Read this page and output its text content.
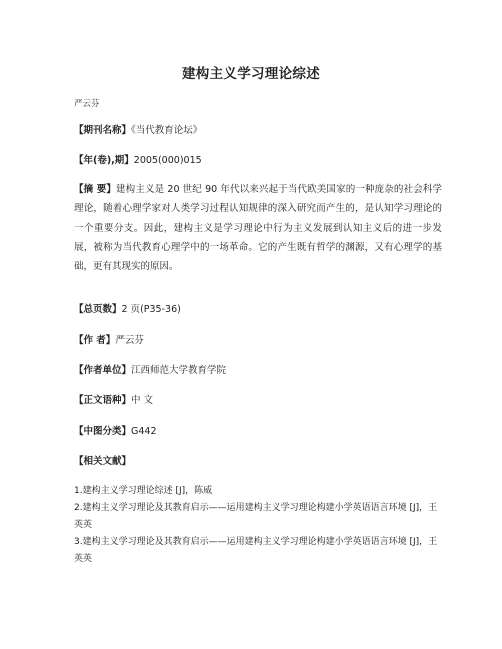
建构主义学习理论综述
严云芬
【期刊名称】《当代教育论坛》
【年(卷),期】2005(000)015
【摘 要】建构主义是 20 世纪 90 年代以来兴起于当代欧美国家的一种庞杂的社会科学理论，随着心理学家对人类学习过程认知规律的深入研究而产生的，是认知学习理论的一个重要分支。因此，建构主义是学习理论中行为主义发展到认知主义后的进一步发展，被称为当代教育心理学中的一场革命。它的产生既有哲学的渊源，又有心理学的基础，更有其现实的原因。
【总页数】2 页(P35-36)
【作 者】严云芬
【作者单位】江西师范大学教育学院
【正文语种】中 文
【中图分类】G442
【相关文献】

1.建构主义学习理论综述 [J]，陈威

2.建构主义学习理论及其教育启示——运用建构主义学习理论构建小学英语语言环境 [J]，王英英

3.建构主义学习理论及其教育启示——运用建构主义学习理论构建小学英语语言环境 [J]，王英英
